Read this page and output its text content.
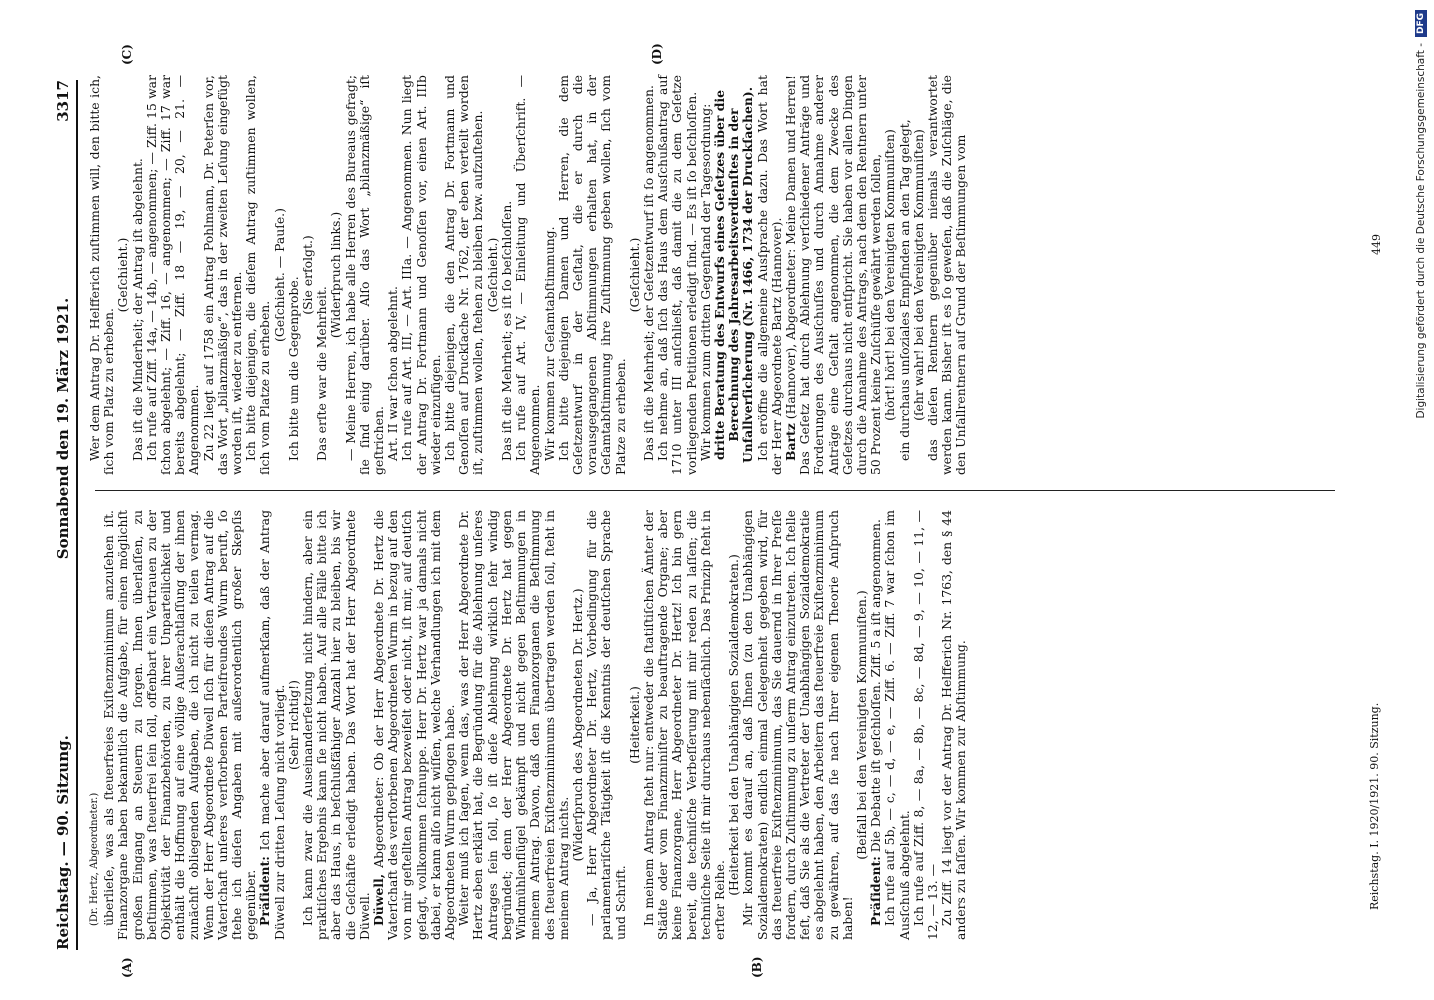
Reichstag. — 90. Sitzung.
Sonnabend den 19. März 1921.
3317
(A)	(B)
(C)	(D)

(Dr. Hertz, Abgeordneter.) überlieſe, was als ſteuerfreies Exiſtenzminimum anzuſehen iſt. Finanzorgane haben bekanntlich die Aufgabe, für einen möglichſt großen Eingang an Steuern zu ſorgen. Ihnen überlaſſen, zu beſtimmen, was ſteuerfrei ſein ſoll, offenbart ein Vertrauen zu der Objektivität der Finanzbehörden, zu ihrer Unparteilichkeit und enthält die Hoffnung auf eine völlige Außerachtlaſſung der ihnen zunächſt obliegenden Aufgaben, die ich nicht zu teilen vermag. Wenn der Herr Abgeordnete Düwell ſich für dieſen Antrag auf die Vaterſchaft unſeres verſtorbenen Parteifreundes Wurm beruft, ſo ſtehe ich dieſen Angaben mit außerordentlich großer Skepſis gegenüber. Präſident: Ich mache aber darauf aufmerkſam, daß der Antrag Düwell zur dritten Leſung nicht vorliegt. (Sehr richtig!) Ich kann zwar die Auseinanderſetzung nicht hindern, aber ein praktiſches Ergebnis kann ſie nicht haben. Auf alle Fälle bitte ich aber das Haus, in beſchlußfähiger Anzahl hier zu bleiben, bis wir die Geſchäfte erledigt haben. Das Wort hat der Herr Abgeordnete Düwell. Düwell, Abgeordneter: Ob der Herr Abgeordnete Dr. Hertz die Vaterſchaft des verſtorbenen Abgeordneten Wurm in bezug auf den von mir geſtellten Antrag bezweifelt oder nicht, iſt mir, auf deutſch geſagt, vollkommen ſchnuppe. Herr Dr. Hertz war ja damals nicht dabei, er kann alſo nicht wiſſen, welche Verhandlungen ich mit dem Abgeordneten Wurm gepflogen habe. Weiter muß ich ſagen, wenn das, was der Herr Abgeordnete Dr. Hertz eben erklärt hat, die Begründung für die Ablehnung unſeres Antrages ſein ſoll, ſo iſt dieſe Ablehnung wirklich ſehr windig begründet; denn der Herr Abgeordnete Dr. Hertz hat gegen Windmühlenflügel gekämpft und nicht gegen Beſtimmungen in meinem Antrag. Davon, daß den Finanzorganen die Beſtimmung des ſteuerfreien Exiſtenzminimums übertragen werden ſoll, ſteht in meinem Antrag nichts.

(Widerſpruch des Abgeordneten Dr. Hertz.) — Ja, Herr Abgeordneter Dr. Hertz, Vorbedingung für die parlamentariſche Tätigkeit iſt die Kenntnis der deutſchen Sprache und Schrift.

(Heiterkeit.) In meinem Antrag ſteht nur: entweder die ſtatiſtiſchen Ämter der Städte oder vom Finanzminiſter zu beauftragende Organe; aber keine Finanzorgane, Herr Abgeordneter Dr. Hertz! Ich bin gern bereit, die techniſche Verbeſſerung mit mir reden zu laſſen; die techniſche Seite iſt mir durchaus nebenſächlich. Das Prinzip ſteht in erſter Reihe.

(Heiterkeit bei den Unabhängigen Sozialdemokraten.) Mir kommt es darauf an, daß Ihnen (zu den Unabhängigen Sozialdemokraten) endlich einmal Gelegenheit gegeben wird, für das ſteuerfreie Exiſtenzminimum, das Sie dauernd in Ihrer Preſſe fordern, durch Zuſtimmung zu unſerm Antrag einzutreten. Ich ſtelle feſt, daß Sie als die Vertreter der Unabhängigen Sozialdemokratie es abgelehnt haben, den Arbeitern das ſteuerfreie Exiſtenzminimum zu gewähren, auf das ſie nach Ihrer eigenen Theorie Anſpruch haben!

(Beifall bei den Vereinigten Kommuniſten.)

Präſident: Die Debatte iſt geſchloſſen. Ziff. 5 a iſt angenommen. Ich rufe auf 5b, — c, — d, — e, — Ziff. 6. — Ziff. 7 war ſchon im Ausſchuß abgelehnt. Ich rufe auf Ziff. 8, — 8a, — 8b, — 8c, — 8d, — 9, — 10, — 11, — 12, — 13. — Zu Ziff. 14 liegt vor der Antrag Dr. Helfferich Nr. 1763, den § 44 anders zu faſſen. Wir kommen zur Abſtimmung.

Wer dem Antrag Dr. Helfferich zuſtimmen will, den bitte ich, ſich vom Platz zu erheben.

(Geſchieht.) Das iſt die Minderheit; der Antrag iſt abgelehnt. Ich rufe auf Ziff. 14a, — 14b, — angenommen; — Ziff. 15 war ſchon abgelehnt; — Ziff. 16, — angenommen; — Ziff. 17 war bereits abgelehnt; — Ziff. 18 — 19, — 20, — 21. — Angenommen. Zu 22 liegt auf 1758 ein Antrag Pohlmann, Dr. Peterſen vor, das Wort „bilanzmäßige“, das in der zweiten Leſung eingefügt worden iſt, wieder zu entfernen. Ich bitte diejenigen, die dieſem Antrag zuſtimmen wollen, ſich vom Platze zu erheben.

(Geſchieht. — Pauſe.)

Ich bitte um die Gegenprobe.

(Sie erfolgt.)

Das erſte war die Mehrheit.

(Widerſpruch links.) — Meine Herren, ich habe alle Herren des Bureaus gefragt; ſie ſind einig darüber. Alſo das Wort „bilanzmäßige“ iſt geſtrichen. Art. II war ſchon abgelehnt. Ich rufe auf Art. III, — Art. IIIa. — Angenommen. Nun liegt der Antrag Dr. Fortmann und Genoſſen vor, einen Art. IIIb wieder einzufügen. Ich bitte diejenigen, die den Antrag Dr. Fortmann und Genoſſen auf Druckſache Nr. 1762, der eben verteilt worden iſt, zuſtimmen wollen, ſtehen zu bleiben bzw. aufzuſtehen. (Geſchieht.) Das iſt die Mehrheit; es iſt ſo beſchloſſen. Ich rufe auf Art. IV, — Einleitung und Überſchrift. — Angenommen. Wir kommen zur Geſamtabſtimmung. Ich bitte diejenigen Damen und Herren, die dem Geſetzentwurf in der Geſtalt, die er durch die vorausgegangenen Abſtimmungen erhalten hat, in der Geſamtabſtimmung ihre Zuſtimmung geben wollen, ſich vom Platze zu erheben.

(Geſchieht.) Das iſt die Mehrheit; der Geſetzentwurf iſt ſo angenommen. Ich nehme an, daß ſich das Haus dem Ausſchußantrag auf 1710 unter III anſchließt, daß damit die zu dem Geſetze vorliegenden Petitionen erledigt ſind. — Es iſt ſo beſchloſſen. Wir kommen zum dritten Gegenſtand der Tagesordnung: dritte Beratung des Entwurfs eines Geſetzes über die Berechnung des Jahresarbeitsverdienſtes in der Unfallverſicherung (Nr. 1466, 1734 der Druckſachen). Ich eröffne die allgemeine Ausſprache dazu. Das Wort hat der Herr Abgeordnete Bartz (Hannover). Bartz (Hannover), Abgeordneter: Meine Damen und Herren! Das Geſetz hat durch Ablehnung verſchiedener Anträge und Forderungen des Ausſchuſſes und durch Annahme anderer Anträge eine Geſtalt angenommen, die dem Zwecke des Geſetzes durchaus nicht entſpricht. Sie haben vor allen Dingen durch die Annahme des Antrags, nach dem den Rentnern unter 50 Prozent keine Zuſchüſſe gewährt werden ſollen, (hört! hört! bei den Vereinigten Kommuniſten) ein durchaus unſoziales Empfinden an den Tag gelegt, (ſehr wahr! bei den Vereinigten Kommuniſten) das dieſen Rentnern gegenüber niemals verantwortet werden kann. Bisher iſt es ſo geweſen, daß die Zuſchläge, die den Unfallrentnern auf Grund der Beſtimmungen vom

Reichstag. I. 1920/1921. 90. Sitzung.
449	Digitalisierung gefördert durch die Deutsche Forschungsgemeinschaft -
DFG
